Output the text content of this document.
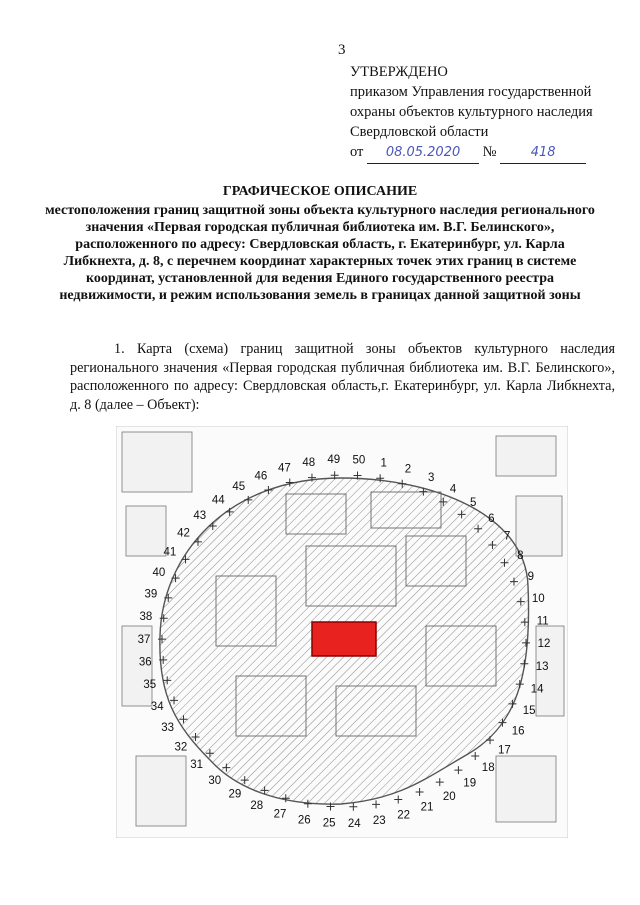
3
УТВЕРЖДЕНО
приказом Управления государственной
охраны объектов культурного наследия
Свердловской области
от 08.05.2020 №	418
ГРАФИЧЕСКОЕ ОПИСАНИЕ
местоположения границ защитной зоны объекта культурного наследия регионального значения «Первая городская публичная библиотека им. В.Г. Белинского», расположенного по адресу: Свердловская область, г. Екатеринбург, ул. Карла Либкнехта, д. 8, с перечнем координат характерных точек этих границ в системе координат, установленной для ведения Единого государственного реестра недвижимости, и режим использования земель в границах данной защитной зоны
1. Карта (схема) границ защитной зоны объектов культурного наследия регионального значения «Первая городская публичная библиотека им. В.Г. Белинского», расположенного по адресу: Свердловская область,г. Екатеринбург, ул. Карла Либкнехта, д. 8 (далее – Объект):
1 2
3
4
5
6
7
8
9
10
11
12
13
14
15
16
17
18
19
20
21
22
23
24
25
26
27
28
29
30
31
32
33
34
35
36
37
38
39
40
41
42
43
44
45
46
47 48 49 50
